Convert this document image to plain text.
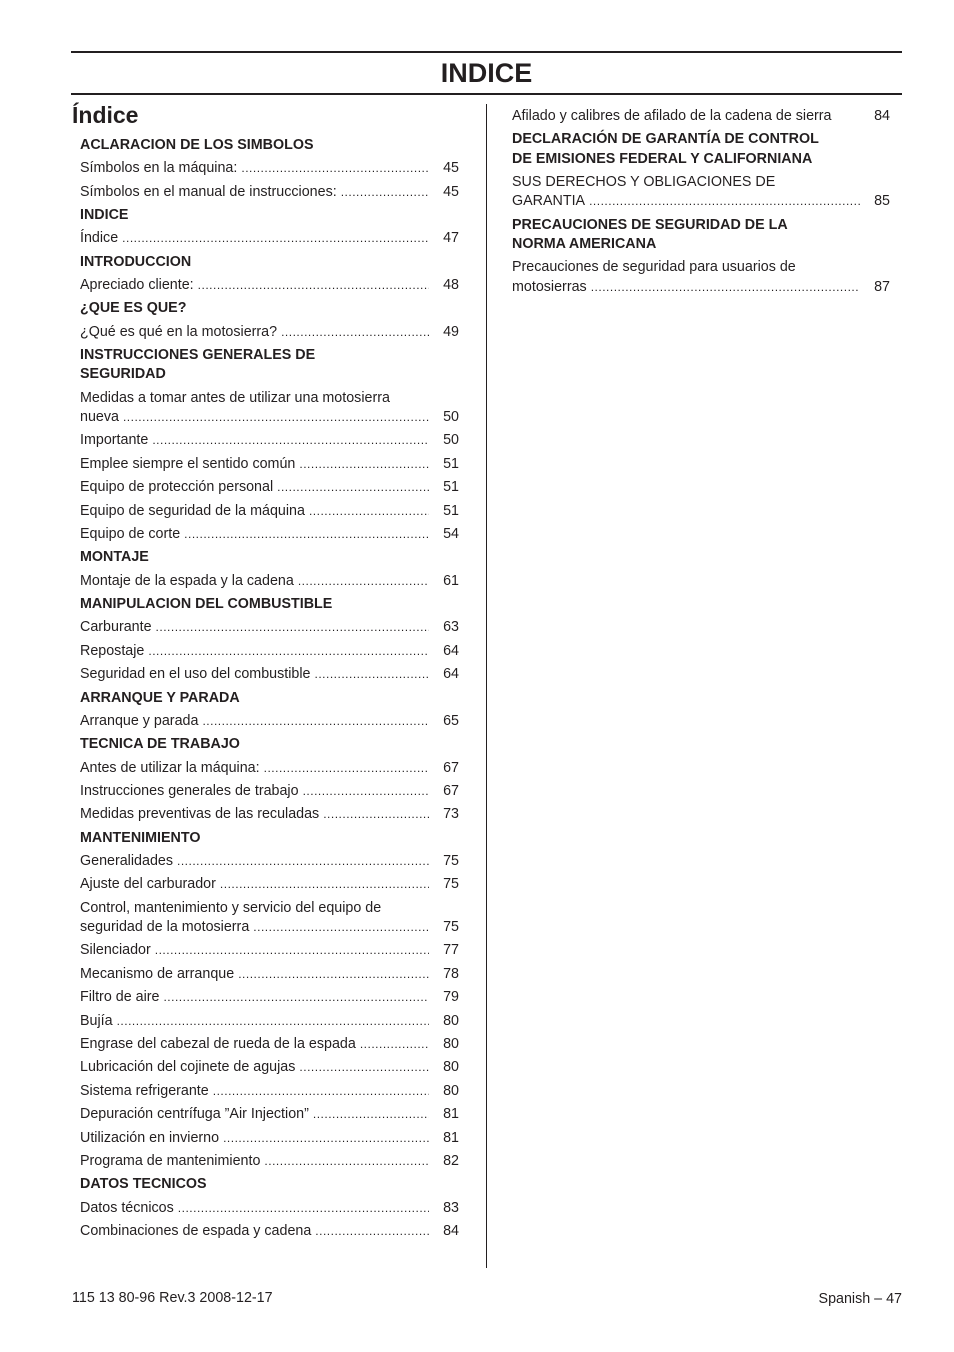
INDICE
Índice
ACLARACION DE LOS SIMBOLOS
Símbolos en la máquina: .....	45
Símbolos en el manual de instrucciones: .....	45
INDICE
Índice .....	47
INTRODUCCION
Apreciado cliente: .....	48
¿QUE ES QUE?
¿Qué es qué en la motosierra? .....	49
INSTRUCCIONES GENERALES DE
SEGURIDAD
Medidas a tomar antes de utilizar una motosierra
nueva .....	50
Importante .....	50
Emplee siempre el sentido común .....	51
Equipo de protección personal .....	51
Equipo de seguridad de la máquina .....	51
Equipo de corte .....	54
MONTAJE
Montaje de la espada y la cadena .....	61
MANIPULACION DEL COMBUSTIBLE
Carburante .....	63
Repostaje .....	64
Seguridad en el uso del combustible .....	64
ARRANQUE Y PARADA
Arranque y parada .....	65
TECNICA DE TRABAJO
Antes de utilizar la máquina: .....	67
Instrucciones generales de trabajo .....	67
Medidas preventivas de las reculadas .....	73
MANTENIMIENTO
Generalidades .....	75
Ajuste del carburador .....	75
Control, mantenimiento y servicio del equipo de
seguridad de la motosierra .....	75
Silenciador .....	77
Mecanismo de arranque .....	78
Filtro de aire .....	79
Bujía .....	80
Engrase del cabezal de rueda de la espada .....	80
Lubricación del cojinete de agujas .....	80
Sistema refrigerante .....	80
Depuración centrífuga ”Air Injection” .....	81
Utilización en invierno .....	81
Programa de mantenimiento .....	82
DATOS TECNICOS
Datos técnicos .....	83
Combinaciones de espada y cadena .....	84
Afilado y calibres de afilado de la cadena de sierra	84
DECLARACIÓN DE GARANTÍA DE CONTROL
DE EMISIONES FEDERAL Y CALIFORNIANA
SUS DERECHOS Y OBLIGACIONES DE
GARANTIA .....	85
PRECAUCIONES DE SEGURIDAD DE LA
NORMA AMERICANA
Precauciones de seguridad para usuarios de
motosierras .....	87
115 13 80-96 Rev.3 2008-12-17	Spanish – 47
